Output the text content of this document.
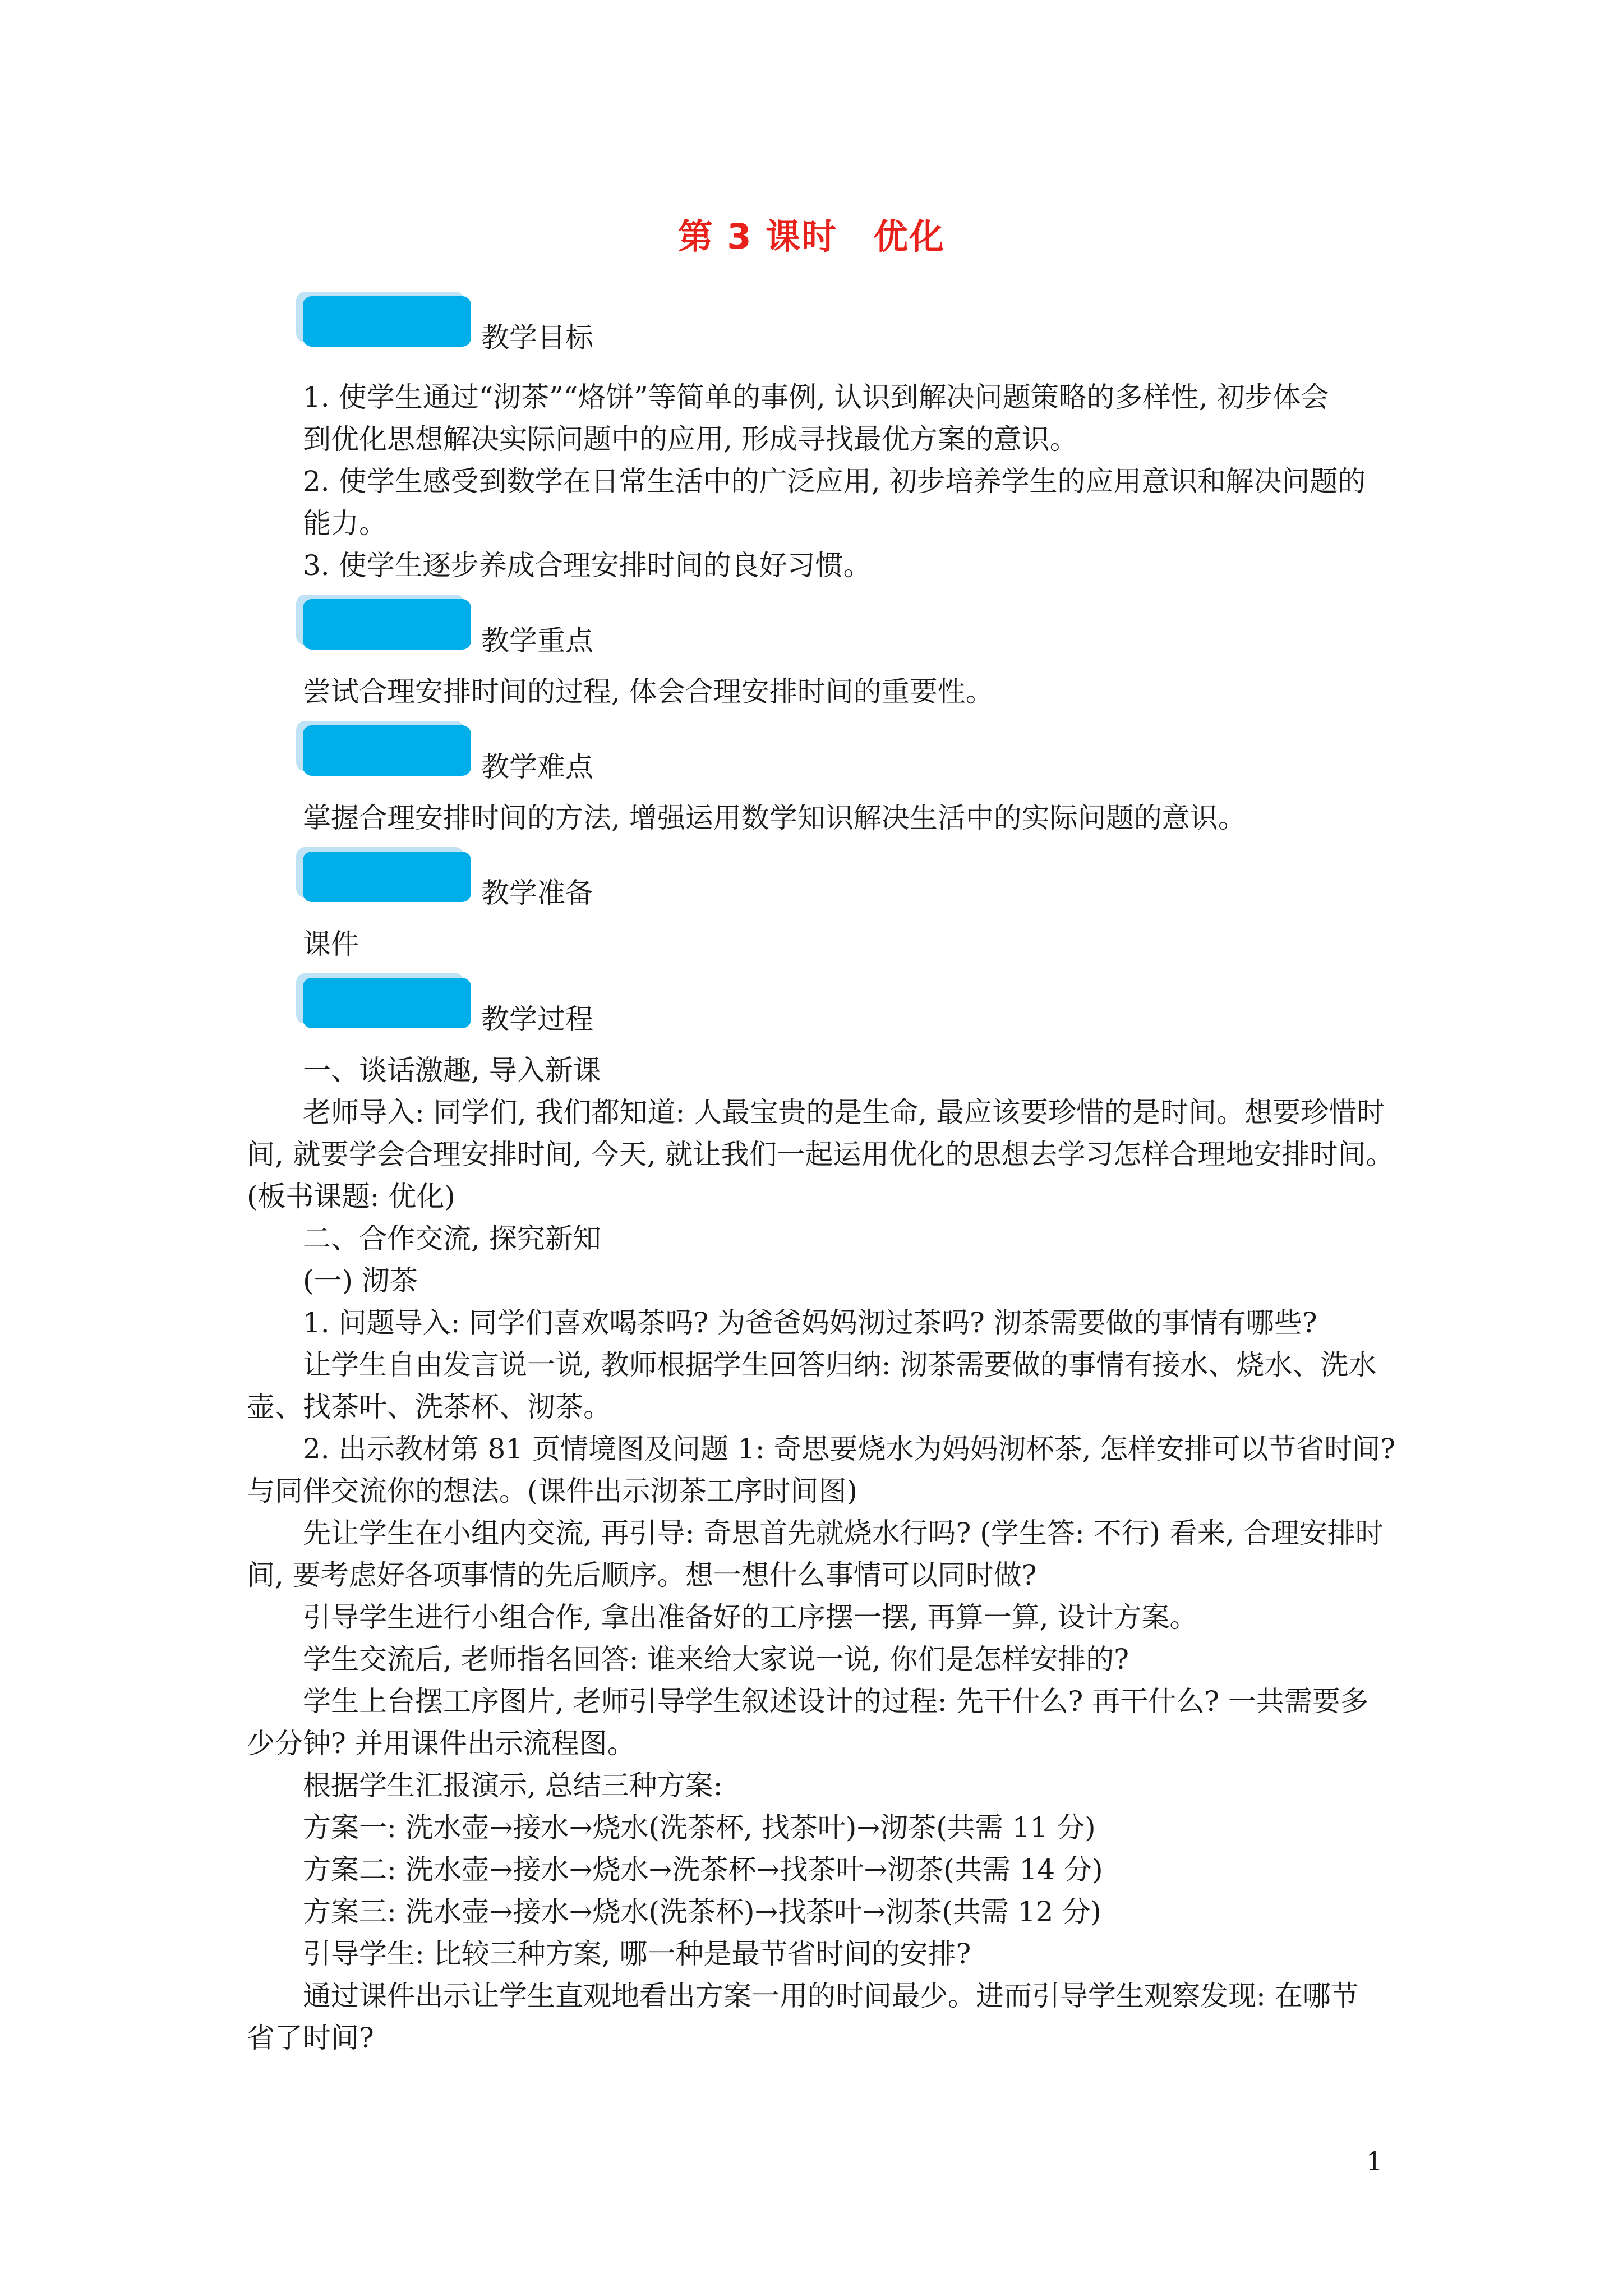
第 3 课时　优化
教学目标
1. 使学生通过“沏茶”“烙饼”等简单的事例, 认识到解决问题策略的多样性, 初步体会
到优化思想解决实际问题中的应用, 形成寻找最优方案的意识。
2. 使学生感受到数学在日常生活中的广泛应用, 初步培养学生的应用意识和解决问题的
能力。
3. 使学生逐步养成合理安排时间的良好习惯。
教学重点
尝试合理安排时间的过程, 体会合理安排时间的重要性。
教学难点
掌握合理安排时间的方法, 增强运用数学知识解决生活中的实际问题的意识。
教学准备
课件
教学过程
一、谈话激趣, 导入新课
老师导入: 同学们, 我们都知道: 人最宝贵的是生命, 最应该要珍惜的是时间。想要珍惜时
间, 就要学会合理安排时间, 今天, 就让我们一起运用优化的思想去学习怎样合理地安排时间。
(板书课题: 优化)
二、合作交流, 探究新知
(一) 沏茶
1. 问题导入: 同学们喜欢喝茶吗? 为爸爸妈妈沏过茶吗? 沏茶需要做的事情有哪些?
让学生自由发言说一说, 教师根据学生回答归纳: 沏茶需要做的事情有接水、烧水、洗水
壶、找茶叶、洗茶杯、沏茶。
2. 出示教材第 81 页情境图及问题 1: 奇思要烧水为妈妈沏杯茶, 怎样安排可以节省时间?
与同伴交流你的想法。(课件出示沏茶工序时间图)
先让学生在小组内交流, 再引导: 奇思首先就烧水行吗? (学生答: 不行) 看来, 合理安排时
间, 要考虑好各项事情的先后顺序。想一想什么事情可以同时做?
引导学生进行小组合作, 拿出准备好的工序摆一摆, 再算一算, 设计方案。
学生交流后, 老师指名回答: 谁来给大家说一说, 你们是怎样安排的?
学生上台摆工序图片, 老师引导学生叙述设计的过程: 先干什么? 再干什么? 一共需要多
少分钟? 并用课件出示流程图。
根据学生汇报演示, 总结三种方案:
方案一: 洗水壶→接水→烧水(洗茶杯, 找茶叶)→沏茶(共需 11 分)
方案二: 洗水壶→接水→烧水→洗茶杯→找茶叶→沏茶(共需 14 分)
方案三: 洗水壶→接水→烧水(洗茶杯)→找茶叶→沏茶(共需 12 分)
引导学生: 比较三种方案, 哪一种是最节省时间的安排?
通过课件出示让学生直观地看出方案一用的时间最少。进而引导学生观察发现: 在哪节
省了时间?
1
